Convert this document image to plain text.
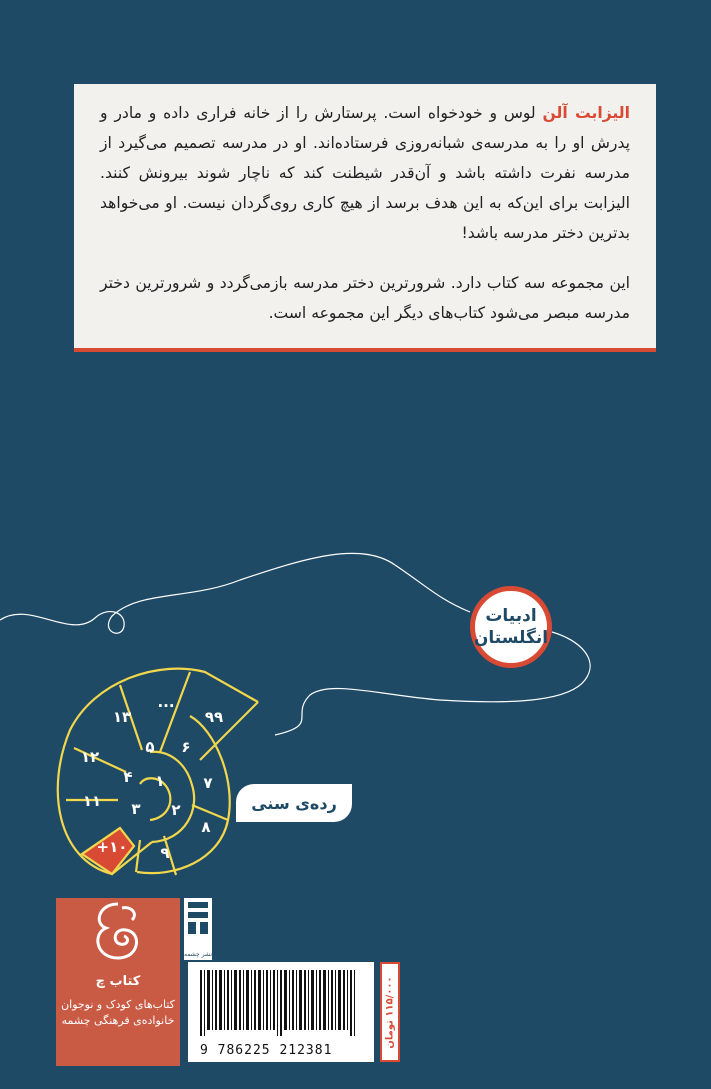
الیزابت آلن لوس و خودخواه است. پرستارش را از خانه فراری داده و مادر و پدرش او را به مدرسه‌ی شبانه‌روزی فرستاده‌اند. او در مدرسه تصمیم می‌گیرد از مدرسه نفرت داشته باشد و آن‌قدر شیطنت کند که ناچار شوند بیرونش کنند. الیزابت برای این‌که به این هدف برسد از هیچ کاری روی‌گردان نیست. او می‌خواهد بدترین دختر مدرسه باشد!

این مجموعه سه کتاب دارد. شرورترین دختر مدرسه بازمی‌گردد و شرورترین دختر مدرسه مبصر می‌شود کتاب‌های دیگر این مجموعه است.

۱۱
۱۲
۱۳
...
۹۹
+۱۰ ۹
۸
۷
۶
۵
۴
۳ ۲
۱
ادبیات
انگلستان
رده‌ی سنی
کتاب چ
کتاب‌های کودک و نوجوان
خانواده‌ی فرهنگی چشمه
نشر چشمه
9 786225 212381
۱۱۵/۰۰۰ تومان
